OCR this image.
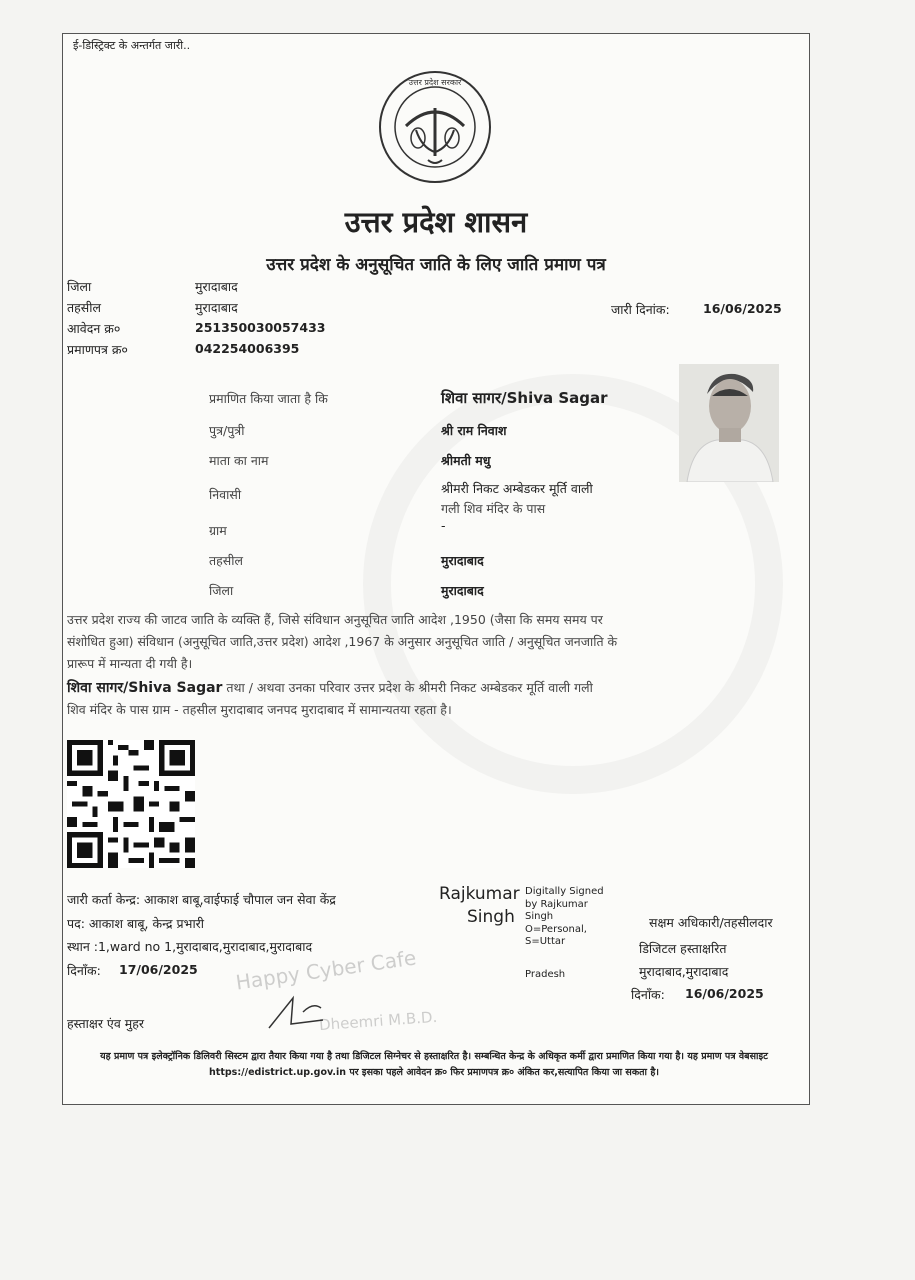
ई-डिस्ट्रिक्ट के अन्तर्गत जारी..
उत्तर प्रदेश सरकार
उत्तर प्रदेश शासन
उत्तर प्रदेश के अनुसूचित जाति के लिए जाति प्रमाण पत्र
जिला	मुरादाबाद
तहसील	मुरादाबाद
आवेदन क्र०	251350030057433
प्रमाणपत्र क्र०	042254006395
जारी दिनांक:	16/06/2025
प्रमाणित किया जाता है कि	शिवा सागर/Shiva Sagar
पुत्र/पुत्री	श्री राम निवाश
माता का नाम	श्रीमती मधु
निवासी	श्रीमरी निकट अम्बेडकर मूर्ति वाली
गली शिव मंदिर के पास
ग्राम	-
तहसील	मुरादाबाद
जिला	मुरादाबाद
उत्तर प्रदेश राज्य की जाटव जाति के व्यक्ति हैं, जिसे संविधान अनुसूचित जाति आदेश ,1950 (जैसा कि समय समय पर
संशोधित हुआ) संविधान (अनुसूचित जाति,उत्तर प्रदेश) आदेश ,1967 के अनुसार अनुसूचित जाति / अनुसूचित जनजाति के
प्रारूप में मान्यता दी गयी है।
शिवा सागर/Shiva Sagar तथा / अथवा उनका परिवार उत्तर प्रदेश के श्रीमरी निकट अम्बेडकर मूर्ति वाली गली
शिव मंदिर के पास ग्राम - तहसील मुरादाबाद जनपद मुरादाबाद में सामान्यतया रहता है।
जारी कर्ता केन्द्र: आकाश बाबू,वाईफाई चौपाल जन सेवा केंद्र
पद: आकाश बाबू, केन्द्र प्रभारी
स्थान :1,ward no 1,मुरादाबाद,मुरादाबाद,मुरादाबाद
दिनाँक: 17/06/2025
हस्ताक्षर एंव मुहर
Rajkumar
Singh
Digitally Signed
by Rajkumar
Singh
O=Personal,
S=Uttar
Pradesh
सक्षम अधिकारी/तहसीलदार
डिजिटल हस्ताक्षरित
मुरादाबाद,मुरादाबाद
दिनाँक: 16/06/2025
Happy Cyber Cafe
Dheemri M.B.D.
यह प्रमाण पत्र इलेक्ट्रॉनिक डिलिवरी सिस्टम द्वारा तैयार किया गया है तथा डिजिटल सिग्नेचर से हस्ताक्षरित है। सम्बन्धित केन्द्र के अधिकृत कर्मी द्वारा प्रमाणित किया गया है। यह प्रमाण पत्र वेबसाइट https://edistrict.up.gov.in पर इसका पहले आवेदन क्र० फिर प्रमाणपत्र क्र० अंकित कर,सत्यापित किया जा सकता है।
